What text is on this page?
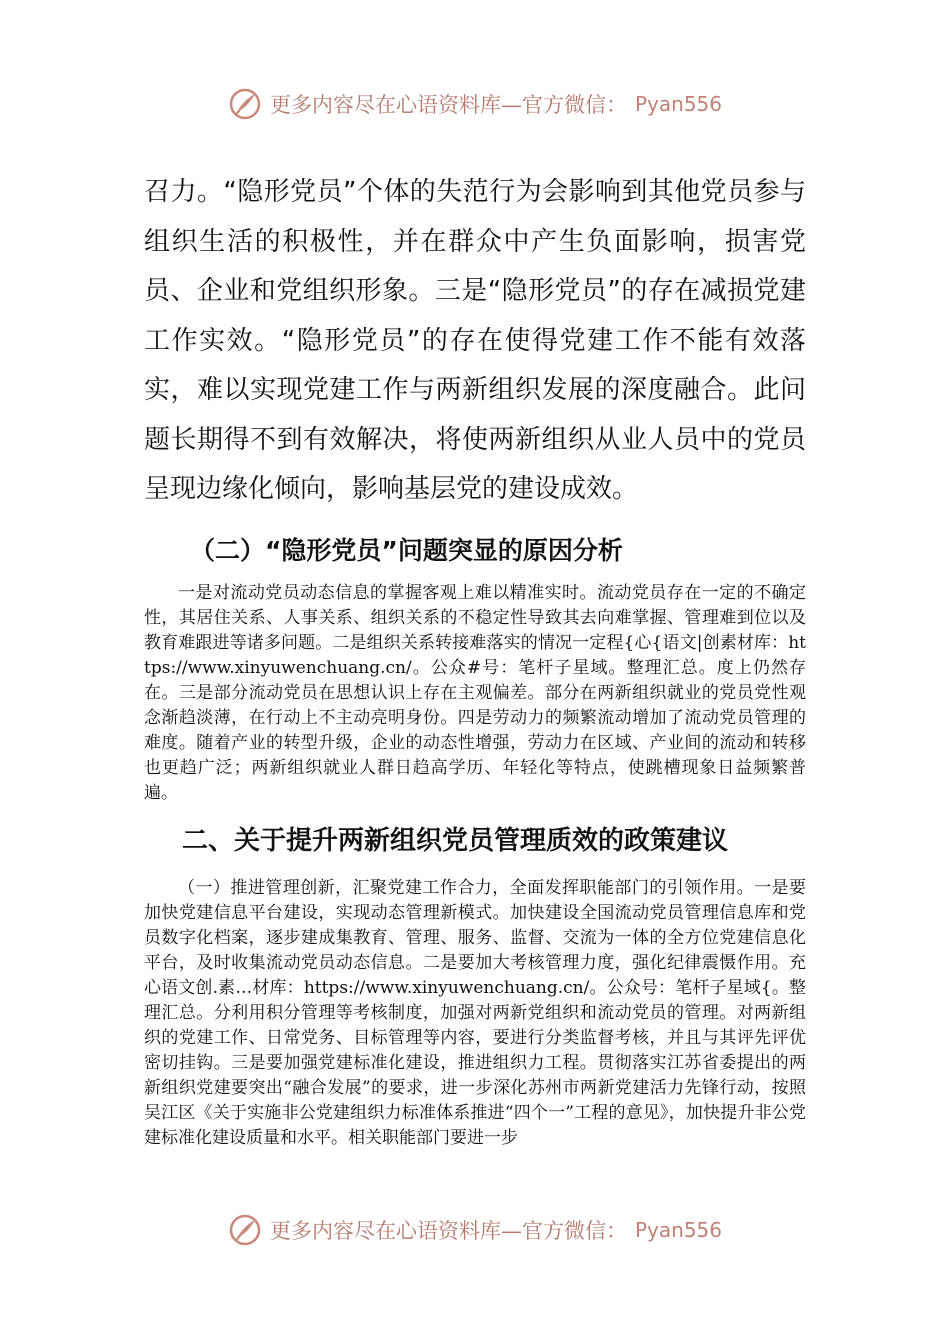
更多内容尽在心语资料库—官方微信： Pyan556

召力。“隐形党员”个体的失范行为会影响到其他党员参与组织生活的积极性，并在群众中产生负面影响，损害党员、企业和党组织形象。三是“隐形党员”的存在减损党建工作实效。“隐形党员”的存在使得党建工作不能有效落实，难以实现党建工作与两新组织发展的深度融合。此问题长期得不到有效解决，将使两新组织从业人员中的党员呈现边缘化倾向，影响基层党的建设成效。

（二）“隐形党员”问题突显的原因分析

一是对流动党员动态信息的掌握客观上难以精准实时。流动党员存在一定的不确定性，其居住关系、人事关系、组织关系的不稳定性导致其去向难掌握、管理难到位以及教育难跟进等诸多问题。二是组织关系转接难落实的情况一定程{心{语文|创素材库：https://www.xinyuwenchuang.cn/。公众#号：笔杆子星域。整理汇总。度上仍然存在。三是部分流动党员在思想认识上存在主观偏差。部分在两新组织就业的党员党性观念渐趋淡薄，在行动上不主动亮明身份。四是劳动力的频繁流动增加了流动党员管理的难度。随着产业的转型升级，企业的动态性增强，劳动力在区域、产业间的流动和转移也更趋广泛；两新组织就业人群日趋高学历、年轻化等特点，使跳槽现象日益频繁普遍。

二、关于提升两新组织党员管理质效的政策建议

（一）推进管理创新，汇聚党建工作合力，全面发挥职能部门的引领作用。一是要加快党建信息平台建设，实现动态管理新模式。加快建设全国流动党员管理信息库和党员数字化档案，逐步建成集教育、管理、服务、监督、交流为一体的全方位党建信息化平台，及时收集流动党员动态信息。二是要加大考核管理力度，强化纪律震慑作用。充心语文创.素…材库：https://www.xinyuwenchuang.cn/。公众号：笔杆子星域{。整理汇总。分利用积分管理等考核制度，加强对两新党组织和流动党员的管理。对两新组织的党建工作、日常党务、目标管理等内容，要进行分类监督考核，并且与其评先评优密切挂钩。三是要加强党建标准化建设，推进组织力工程。贯彻落实江苏省委提出的两新组织党建要突出“融合发展”的要求，进一步深化苏州市两新党建活力先锋行动，按照吴江区《关于实施非公党建组织力标准体系推进“四个一”工程的意见》，加快提升非公党建标准化建设质量和水平。相关职能部门要进一步

更多内容尽在心语资料库—官方微信： Pyan556
